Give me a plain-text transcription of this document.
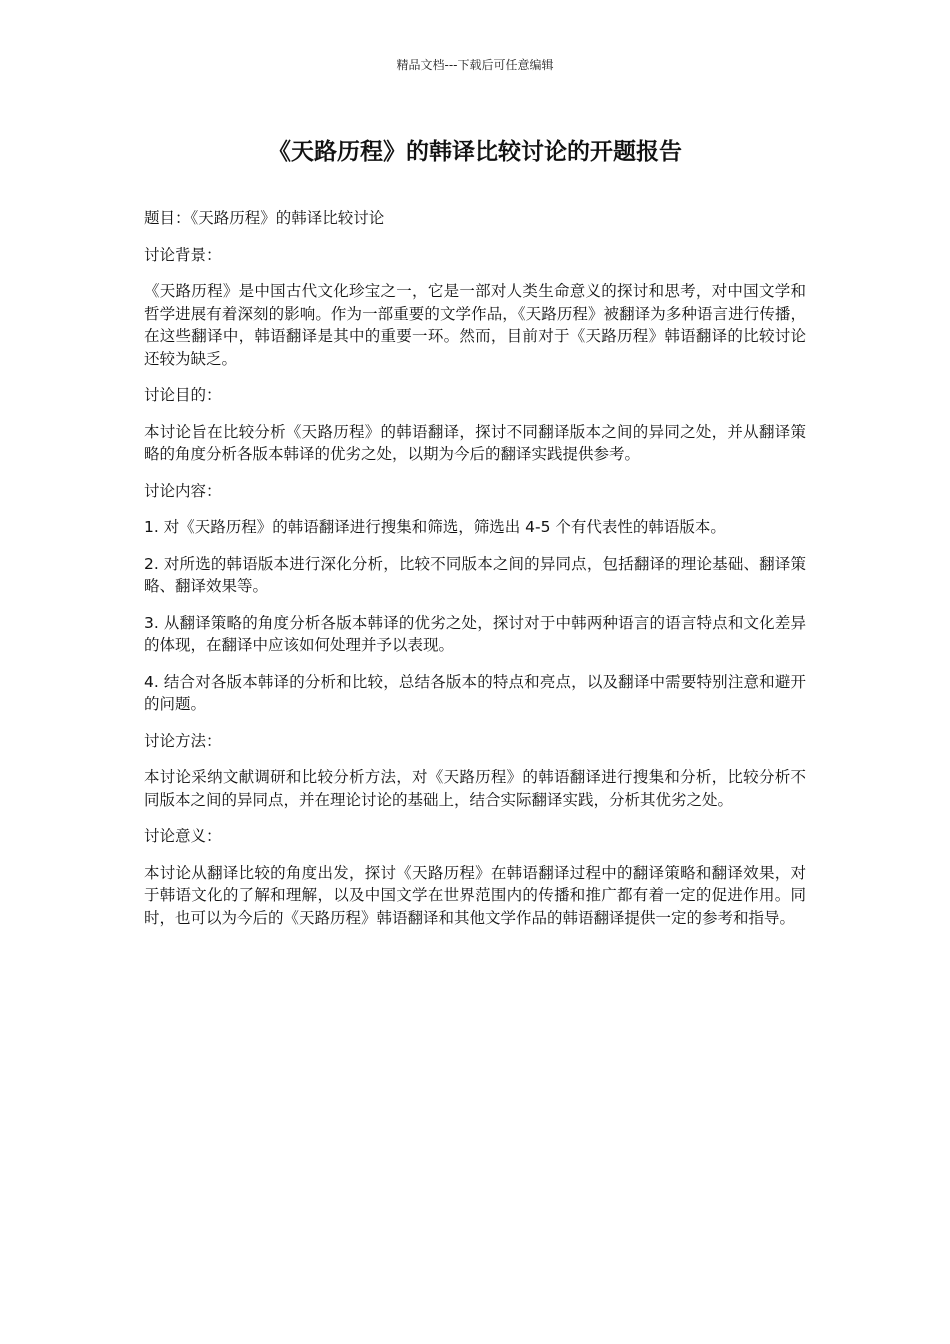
精品文档---下载后可任意编辑
《天路历程》的韩译比较讨论的开题报告

题目：《天路历程》的韩译比较讨论

讨论背景：

《天路历程》是中国古代文化珍宝之一，它是一部对人类生命意义的探讨和思考，对中国文学和哲学进展有着深刻的影响。作为一部重要的文学作品，《天路历程》被翻译为多种语言进行传播，在这些翻译中，韩语翻译是其中的重要一环。然而，目前对于《天路历程》韩语翻译的比较讨论还较为缺乏。

讨论目的：

本讨论旨在比较分析《天路历程》的韩语翻译，探讨不同翻译版本之间的异同之处，并从翻译策略的角度分析各版本韩译的优劣之处，以期为今后的翻译实践提供参考。

讨论内容：

1. 对《天路历程》的韩语翻译进行搜集和筛选，筛选出 4-5 个有代表性的韩语版本。

2. 对所选的韩语版本进行深化分析，比较不同版本之间的异同点，包括翻译的理论基础、翻译策略、翻译效果等。

3. 从翻译策略的角度分析各版本韩译的优劣之处，探讨对于中韩两种语言的语言特点和文化差异的体现，在翻译中应该如何处理并予以表现。

4. 结合对各版本韩译的分析和比较，总结各版本的特点和亮点，以及翻译中需要特别注意和避开的问题。

讨论方法：

本讨论采纳文献调研和比较分析方法，对《天路历程》的韩语翻译进行搜集和分析，比较分析不同版本之间的异同点，并在理论讨论的基础上，结合实际翻译实践，分析其优劣之处。

讨论意义：

本讨论从翻译比较的角度出发，探讨《天路历程》在韩语翻译过程中的翻译策略和翻译效果，对于韩语文化的了解和理解，以及中国文学在世界范围内的传播和推广都有着一定的促进作用。同时，也可以为今后的《天路历程》韩语翻译和其他文学作品的韩语翻译提供一定的参考和指导。
